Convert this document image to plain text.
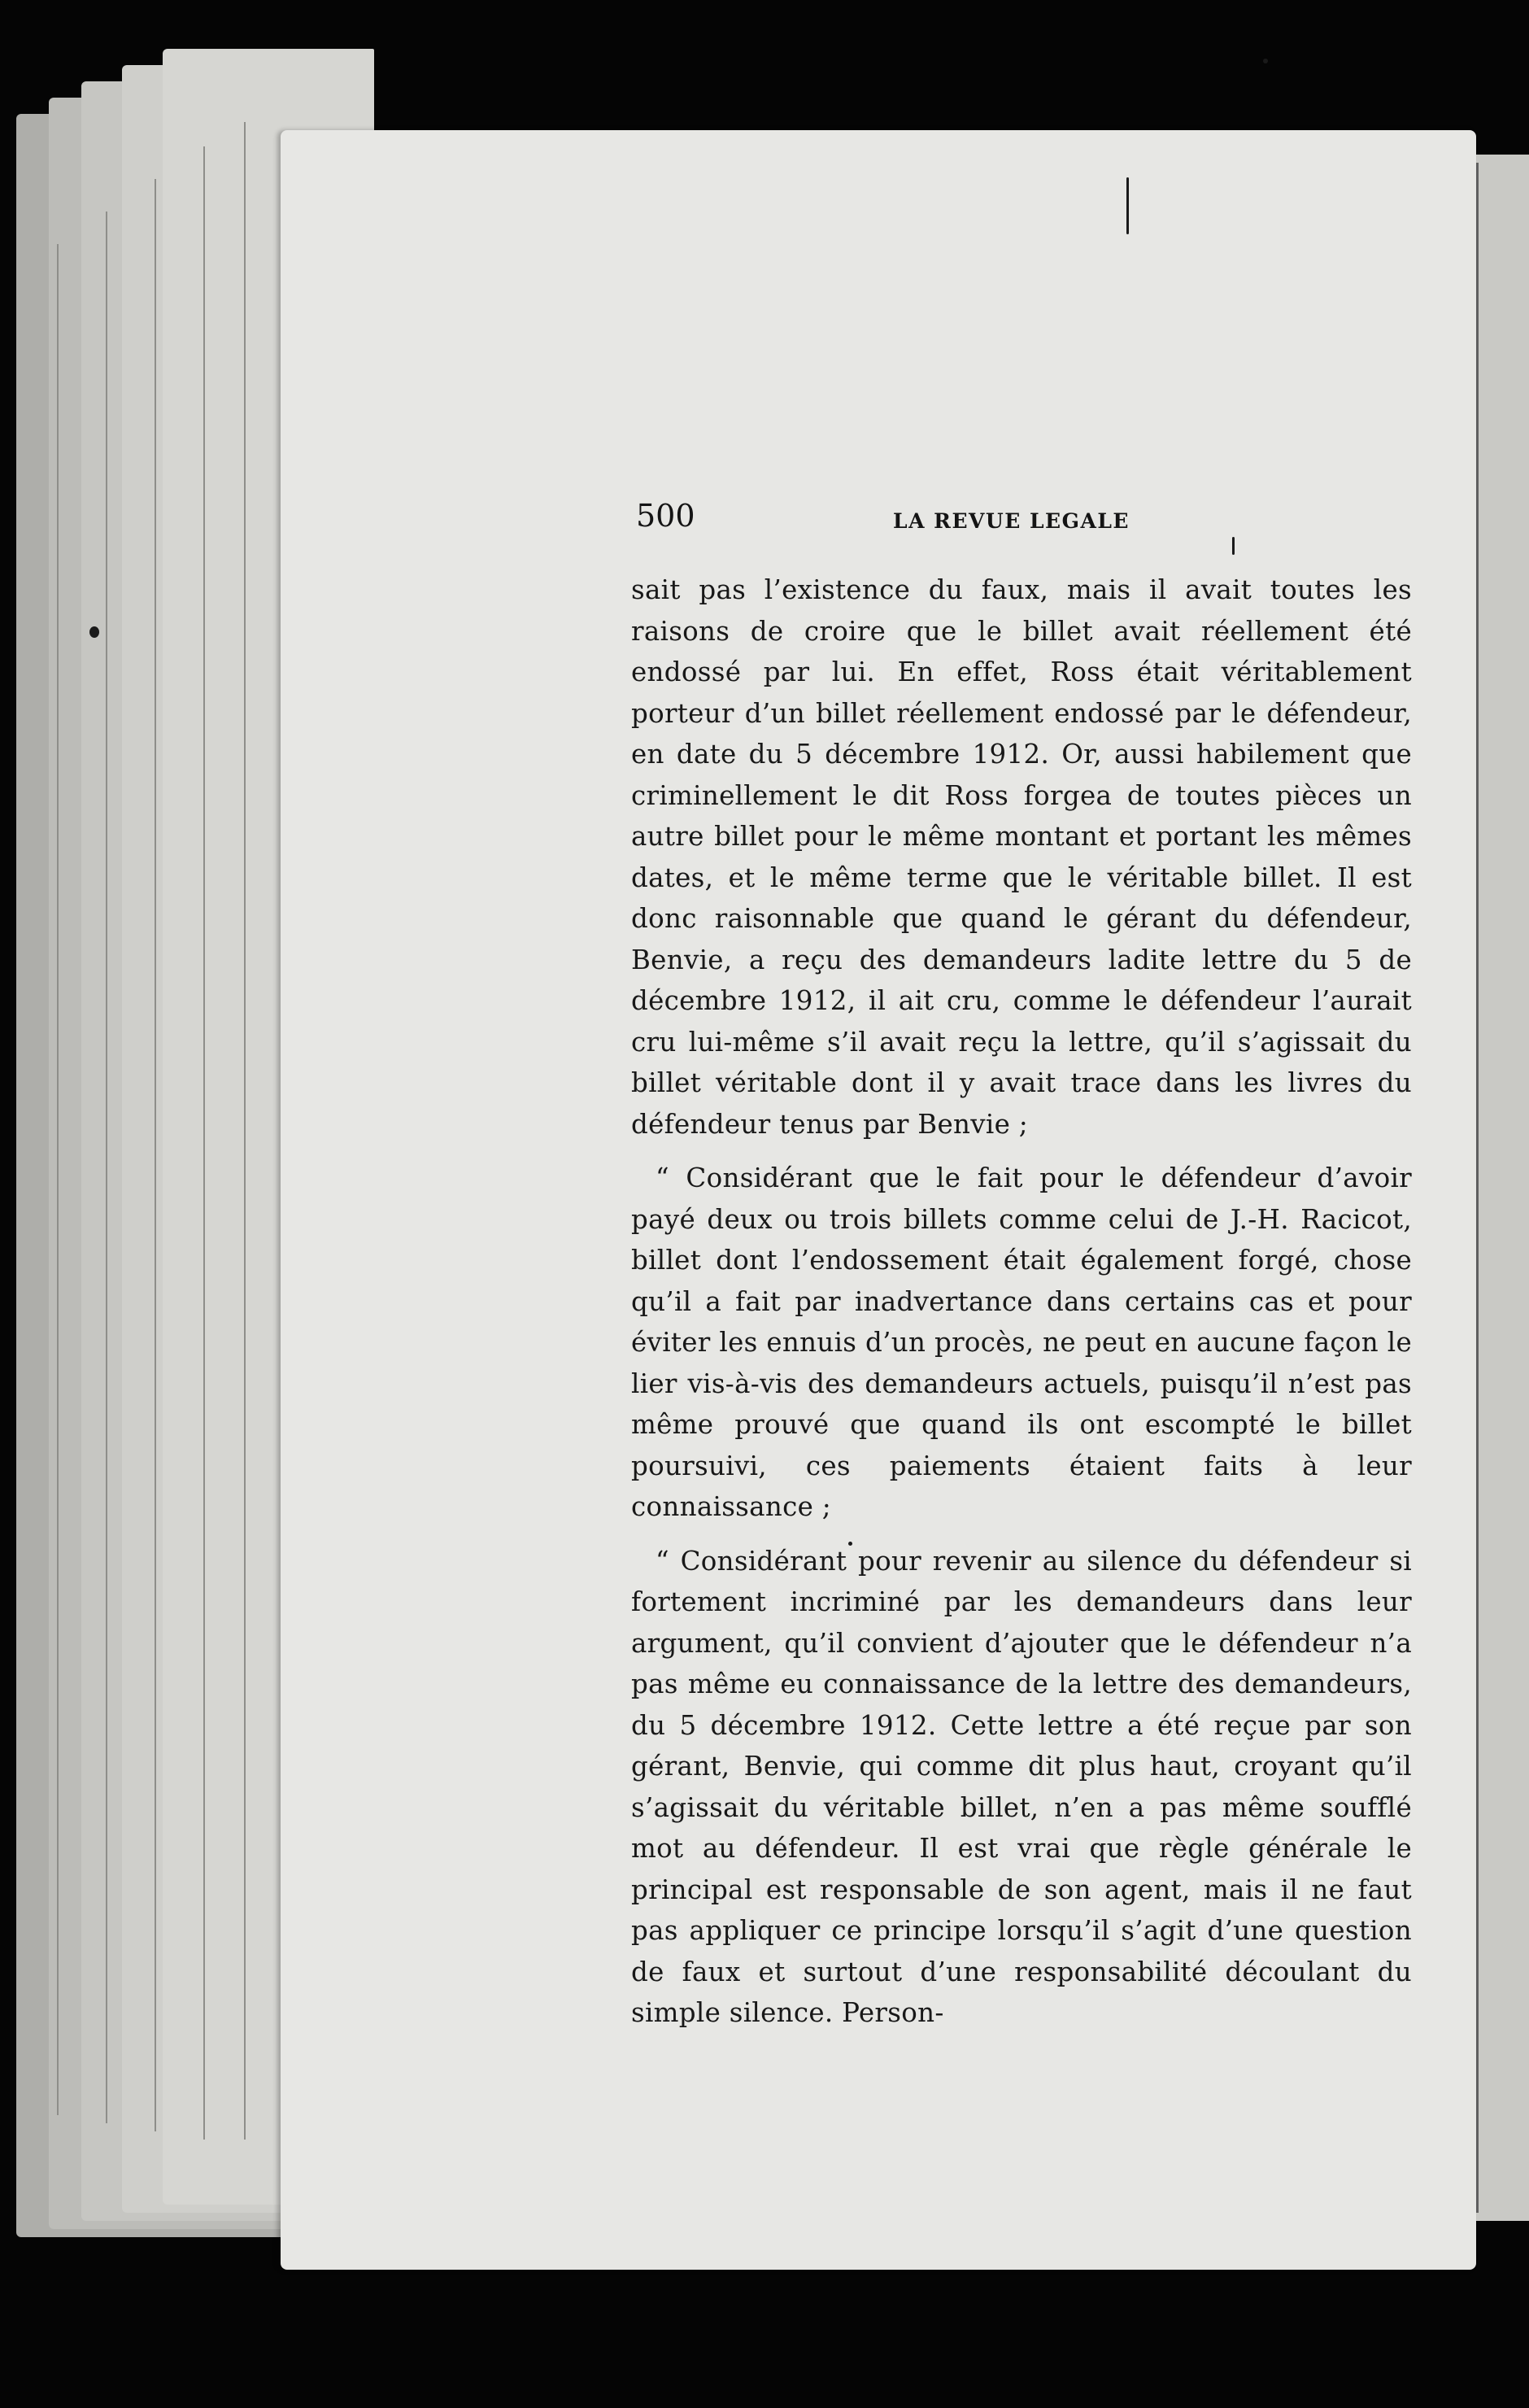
500	LA REVUE LEGALE

sait pas l’existence du faux, mais il avait toutes les raisons de croire que le billet avait réellement été endossé par lui. En effet, Ross était véritablement porteur d’un billet réellement endossé par le défendeur, en date du 5 décembre 1912. Or, aussi habilement que criminellement le dit Ross forgea de toutes pièces un autre billet pour le même montant et portant les mêmes dates, et le même terme que le véritable billet. Il est donc raisonnable que quand le gérant du défendeur, Benvie, a reçu des demandeurs ladite lettre du 5 de décembre 1912, il ait cru, comme le défendeur l’aurait cru lui-même s’il avait reçu la lettre, qu’il s’agissait du billet véritable dont il y avait trace dans les livres du défendeur tenus par Benvie ;

“ Considérant que le fait pour le défendeur d’avoir payé deux ou trois billets comme celui de J.-H. Racicot, billet dont l’endossement était également forgé, chose qu’il a fait par inadvertance dans certains cas et pour éviter les ennuis d’un procès, ne peut en aucune façon le lier vis-à-vis des demandeurs actuels, puisqu’il n’est pas même prouvé que quand ils ont escompté le billet poursuivi, ces paiements étaient faits à leur connaissance ;

“ Considérant pour revenir au silence du défendeur si fortement incriminé par les demandeurs dans leur argument, qu’il convient d’ajouter que le défendeur n’a pas même eu connaissance de la lettre des demandeurs, du 5 décembre 1912. Cette lettre a été reçue par son gérant, Benvie, qui comme dit plus haut, croyant qu’il s’agissait du véritable billet, n’en a pas même soufflé mot au défendeur. Il est vrai que règle générale le principal est responsable de son agent, mais il ne faut pas appliquer ce principe lorsqu’il s’agit d’une question de faux et surtout d’une responsabilité découlant du simple silence. Person-
